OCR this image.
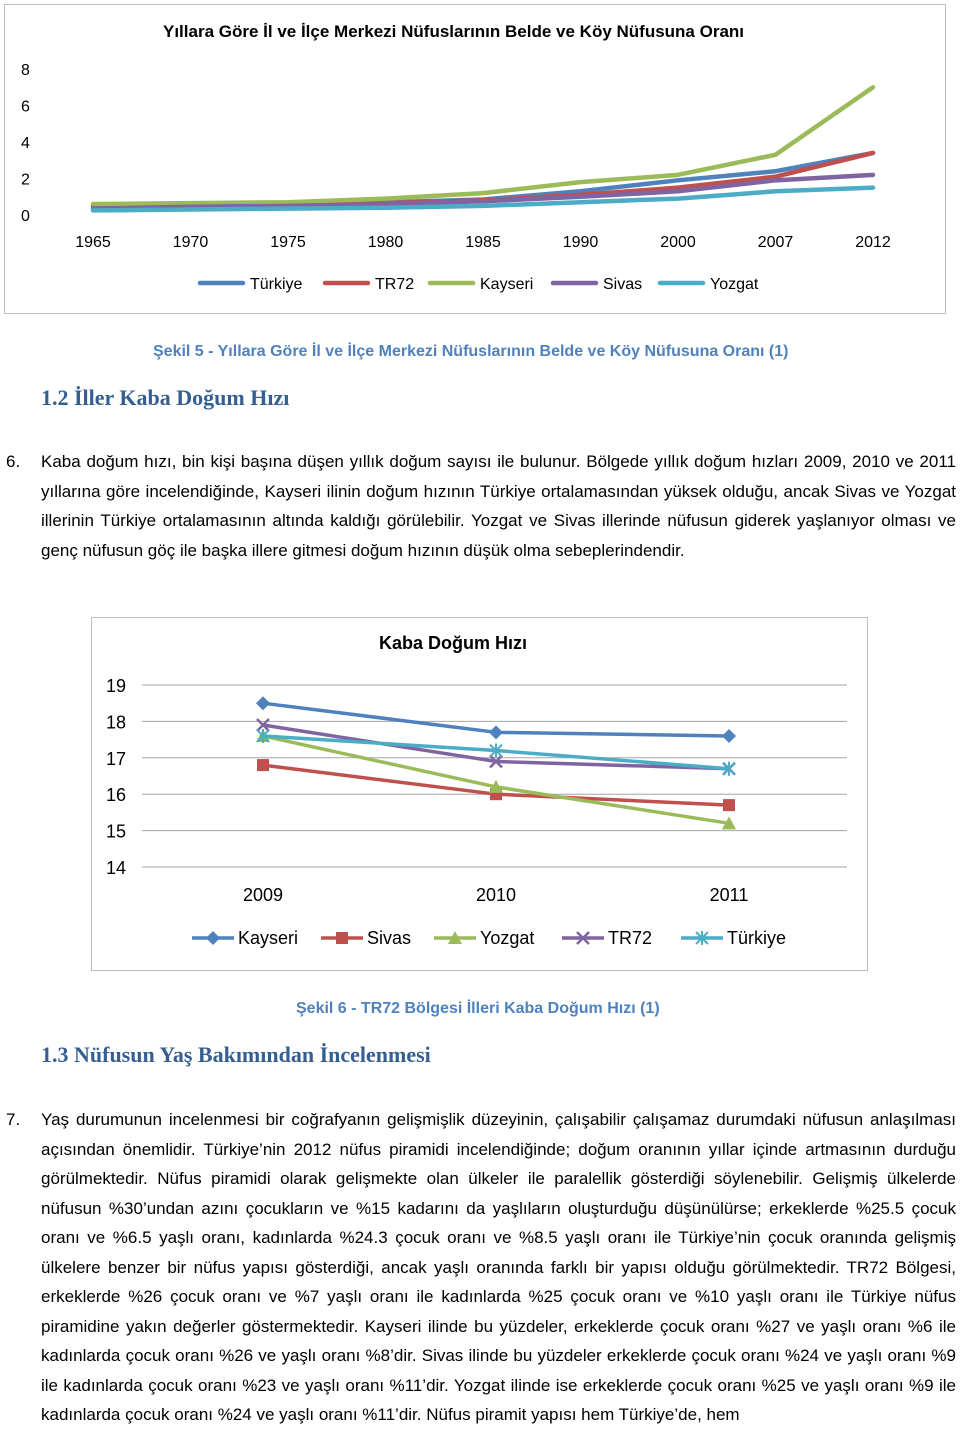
Yıllara Göre İl ve İlçe Merkezi Nüfuslarının Belde ve Köy Nüfusuna Oranı
0
2
4
6
8
1965	1970	1975	1980	1985	1990	2000	2007	2012
Türkiye	TR72	Kayseri	Sivas	Yozgat
Şekil 5 - Yıllara Göre İl ve İlçe Merkezi Nüfuslarının Belde ve Köy Nüfusuna Oranı (1)
1.2 İller Kaba Doğum Hızı
6. Kaba doğum hızı, bin kişi başına düşen yıllık doğum sayısı ile bulunur. Bölgede yıllık doğum hızları 2009, 2010 ve 2011 yıllarına göre incelendiğinde, Kayseri ilinin doğum hızının Türkiye ortalamasından yüksek olduğu, ancak Sivas ve Yozgat illerinin Türkiye ortalamasının altında kaldığı görülebilir. Yozgat ve Sivas illerinde nüfusun giderek yaşlanıyor olması ve genç nüfusun göç ile başka illere gitmesi doğum hızının düşük olma sebeplerindendir.
Kaba Doğum Hızı
14
15
16
17
18
19
2009	2010	2011
Kayseri	Sivas	Yozgat	TR72	Türkiye
Şekil 6 - TR72 Bölgesi İlleri Kaba Doğum Hızı (1)
1.3 Nüfusun Yaş Bakımından İncelenmesi
7. Yaş durumunun incelenmesi bir coğrafyanın gelişmişlik düzeyinin, çalışabilir çalışamaz durumdaki nüfusun anlaşılması açısından önemlidir. Türkiye’nin 2012 nüfus piramidi incelendiğinde; doğum oranının yıllar içinde artmasının durduğu görülmektedir. Nüfus piramidi olarak gelişmekte olan ülkeler ile paralellik gösterdiği söylenebilir. Gelişmiş ülkelerde nüfusun %30’undan azını çocukların ve %15 kadarını da yaşlıların oluşturduğu düşünülürse; erkeklerde %25.5 çocuk oranı ve %6.5 yaşlı oranı, kadınlarda %24.3 çocuk oranı ve %8.5 yaşlı oranı ile Türkiye’nin çocuk oranında gelişmiş ülkelere benzer bir nüfus yapısı gösterdiği, ancak yaşlı oranında farklı bir yapısı olduğu görülmektedir. TR72 Bölgesi, erkeklerde %26 çocuk oranı ve %7 yaşlı oranı ile kadınlarda %25 çocuk oranı ve %10 yaşlı oranı ile Türkiye nüfus piramidine yakın değerler göstermektedir. Kayseri ilinde bu yüzdeler, erkeklerde çocuk oranı %27 ve yaşlı oranı %6 ile kadınlarda çocuk oranı %26 ve yaşlı oranı %8’dir. Sivas ilinde bu yüzdeler erkeklerde çocuk oranı %24 ve yaşlı oranı %9 ile kadınlarda çocuk oranı %23 ve yaşlı oranı %11’dir. Yozgat ilinde ise erkeklerde çocuk oranı %25 ve yaşlı oranı %9 ile kadınlarda çocuk oranı %24 ve yaşlı oranı %11’dir. Nüfus piramit yapısı hem Türkiye’de, hem
